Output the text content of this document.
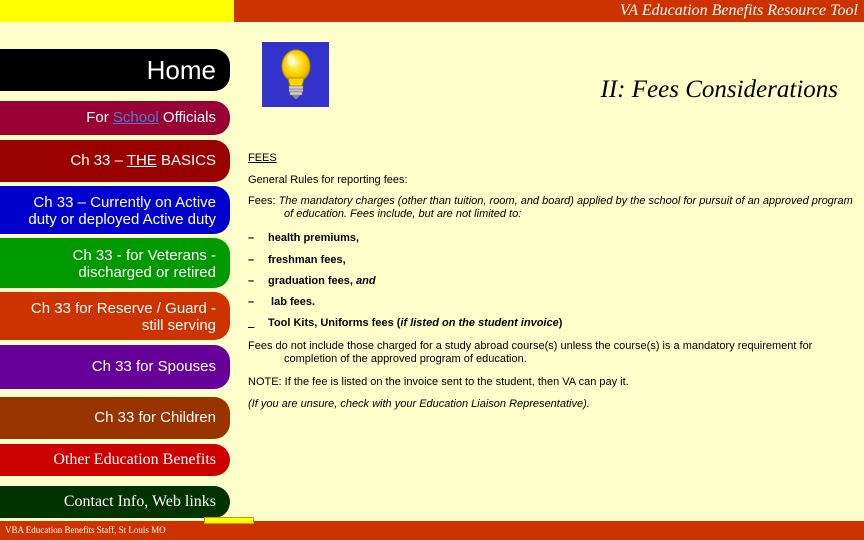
VA Education Benefits Resource Tool
Home
For School Officials
Ch 33 – THE BASICS
Ch 33 – Currently on Active
duty or deployed Active duty
Ch 33 - for Veterans -
discharged or retired
Ch 33 for Reserve / Guard -
still serving
Ch 33 for Spouses
Ch 33 for Children
Other Education Benefits
Contact Info, Web links
II: Fees Considerations
FEES
General Rules for reporting fees:
Fees: The mandatory charges (other than tuition, room, and board) applied by the school for pursuit of an approved program of education. Fees include, but are not limited to:
– health premiums,
– freshman fees,
– graduation fees, and
– lab fees.
_ Tool Kits, Uniforms fees (if listed on the student invoice)
Fees do not include those charged for a study abroad course(s) unless the course(s) is a mandatory requirement for completion of the approved program of education.
NOTE: If the fee is listed on the invoice sent to the student, then VA can pay it.
(If you are unsure, check with your Education Liaison Representative).
VBA Education Benefits Staff, St Louis MO
